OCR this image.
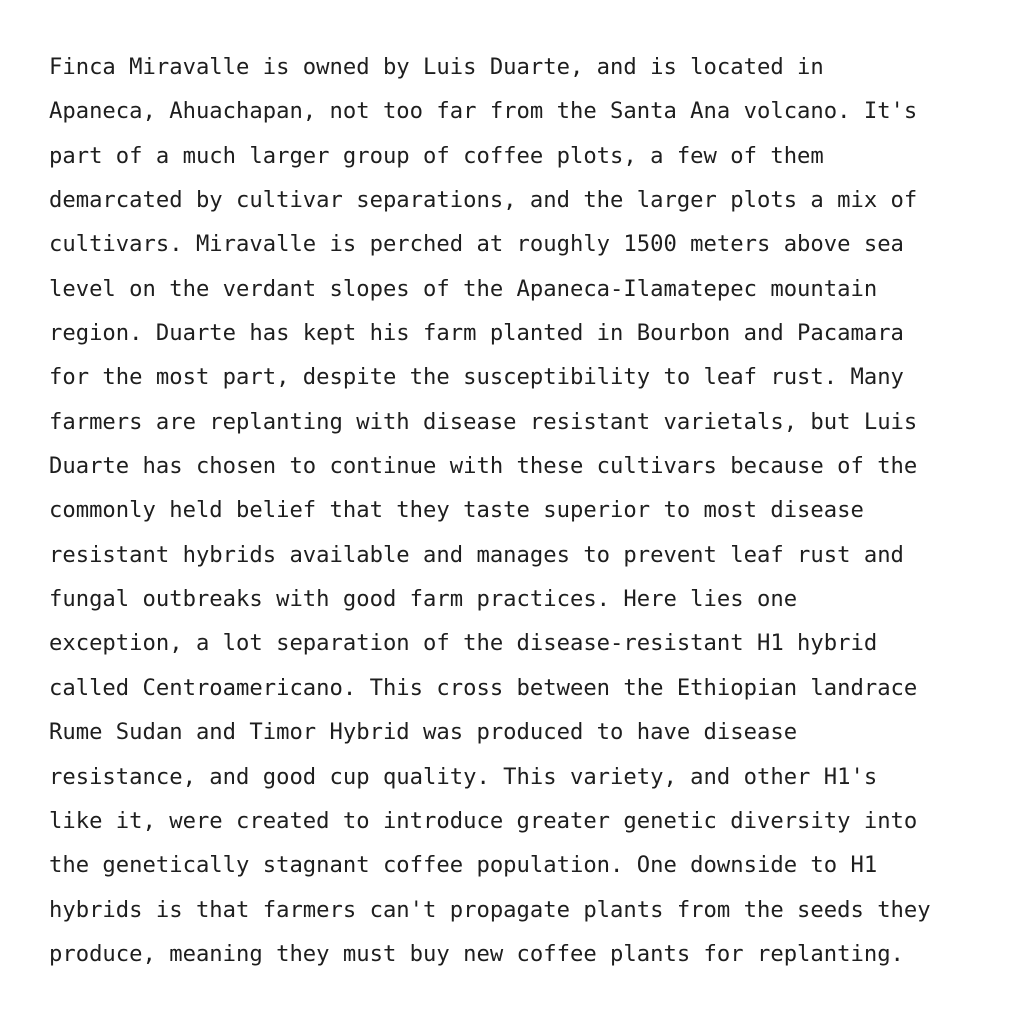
Finca Miravalle is owned by Luis Duarte, and is located in
Apaneca, Ahuachapan, not too far from the Santa Ana volcano. It's
part of a much larger group of coffee plots, a few of them
demarcated by cultivar separations, and the larger plots a mix of
cultivars. Miravalle is perched at roughly 1500 meters above sea
level on the verdant slopes of the Apaneca-Ilamatepec mountain
region. Duarte has kept his farm planted in Bourbon and Pacamara
for the most part, despite the susceptibility to leaf rust. Many
farmers are replanting with disease resistant varietals, but Luis
Duarte has chosen to continue with these cultivars because of the
commonly held belief that they taste superior to most disease
resistant hybrids available and manages to prevent leaf rust and
fungal outbreaks with good farm practices. Here lies one
exception, a lot separation of the disease-resistant H1 hybrid
called Centroamericano. This cross between the Ethiopian landrace
Rume Sudan and Timor Hybrid was produced to have disease
resistance, and good cup quality. This variety, and other H1's
like it, were created to introduce greater genetic diversity into
the genetically stagnant coffee population. One downside to H1
hybrids is that farmers can't propagate plants from the seeds they
produce, meaning they must buy new coffee plants for replanting.
